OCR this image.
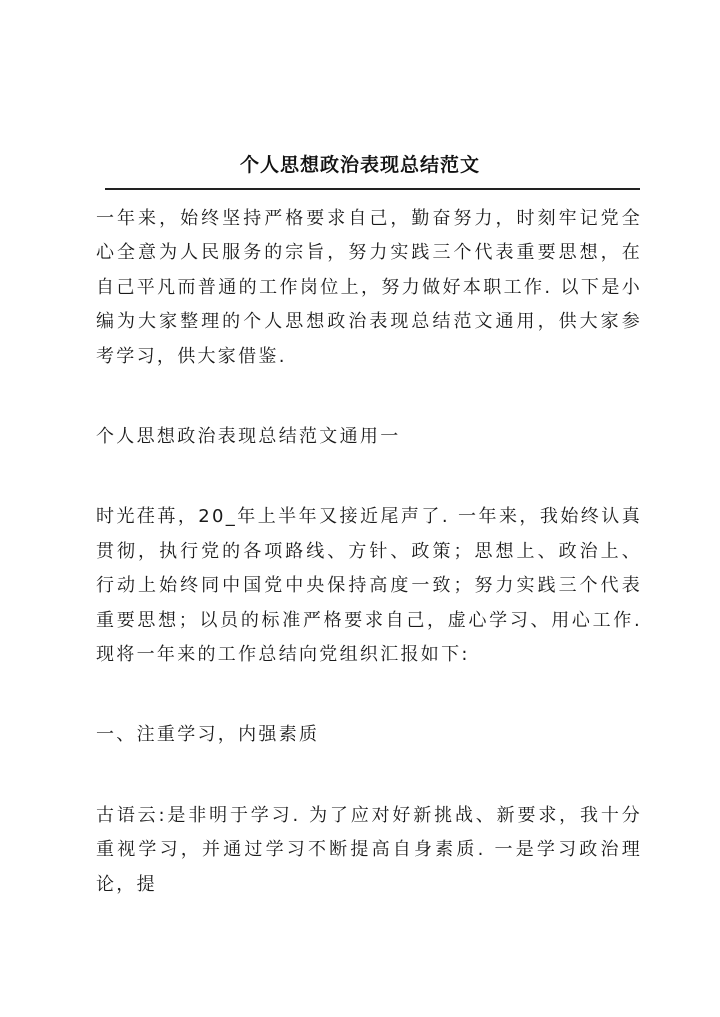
个人思想政治表现总结范文

一年来，始终坚持严格要求自己，勤奋努力，时刻牢记党全心全意为人民服务的宗旨，努力实践三个代表重要思想，在自己平凡而普通的工作岗位上，努力做好本职工作. 以下是小编为大家整理的个人思想政治表现总结范文通用，供大家参考学习，供大家借鉴.

个人思想政治表现总结范文通用一

时光荏苒，20_年上半年又接近尾声了. 一年来，我始终认真贯彻，执行党的各项路线、方针、政策；思想上、政治上、行动上始终同中国党中央保持高度一致；努力实践三个代表重要思想；以员的标准严格要求自己，虚心学习、用心工作. 现将一年来的工作总结向党组织汇报如下:

一、注重学习，内强素质

古语云:是非明于学习. 为了应对好新挑战、新要求，我十分重视学习，并通过学习不断提高自身素质. 一是学习政治理论，提
